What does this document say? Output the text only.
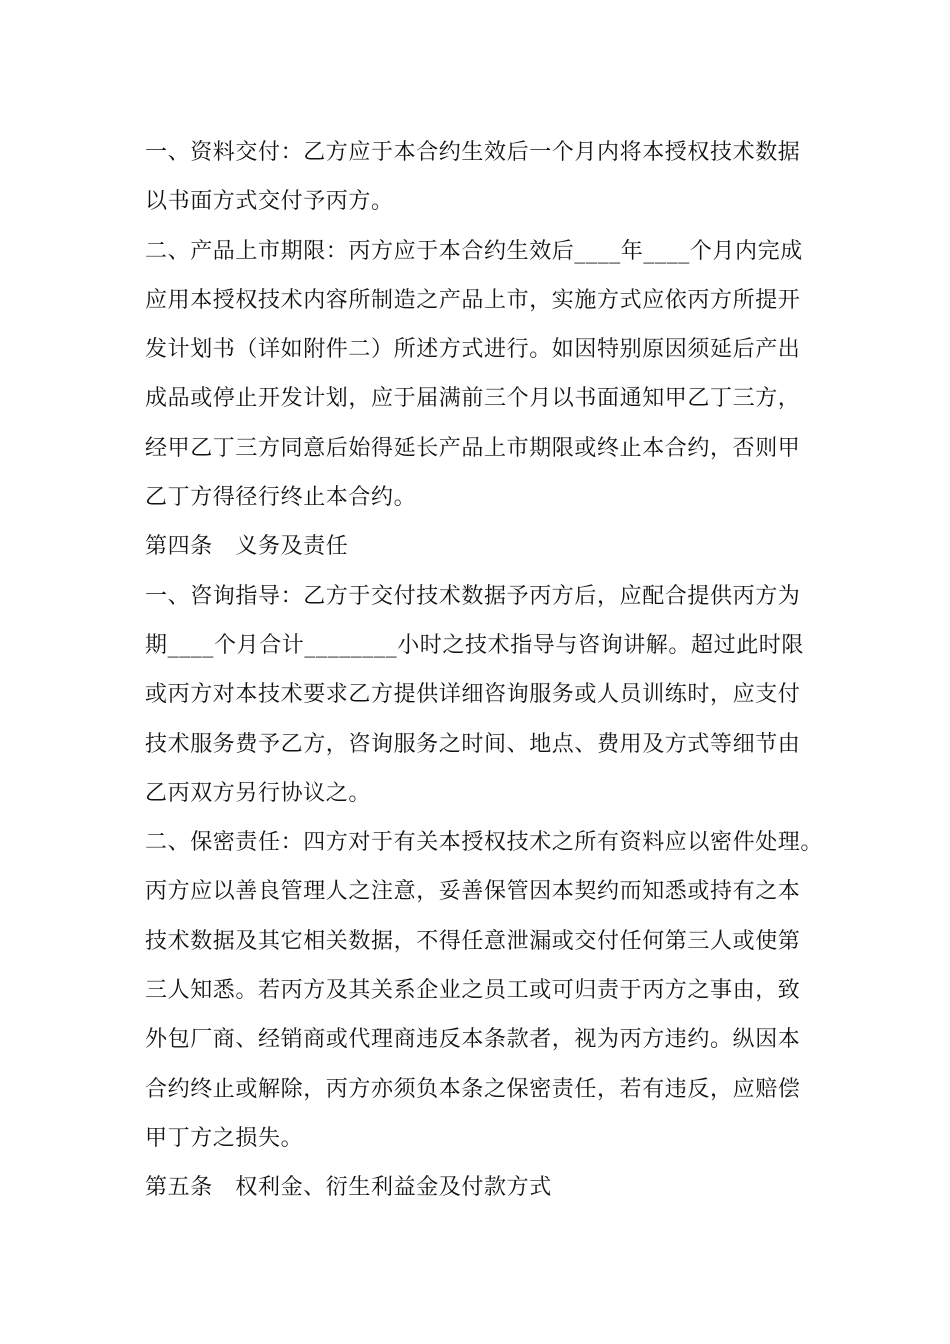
一、资料交付：乙方应于本合约生效后一个月内将本授权技术数据
以书面方式交付予丙方。
二、产品上市期限：丙方应于本合约生效后____年____个月内完成
应用本授权技术内容所制造之产品上市，实施方式应依丙方所提开
发计划书（详如附件二）所述方式进行。如因特别原因须延后产出
成品或停止开发计划，应于届满前三个月以书面通知甲乙丁三方，
经甲乙丁三方同意后始得延长产品上市期限或终止本合约，否则甲
乙丁方得径行终止本合约。
第四条　义务及责任
一、咨询指导：乙方于交付技术数据予丙方后，应配合提供丙方为
期____个月合计________小时之技术指导与咨询讲解。超过此时限
或丙方对本技术要求乙方提供详细咨询服务或人员训练时，应支付
技术服务费予乙方，咨询服务之时间、地点、费用及方式等细节由
乙丙双方另行协议之。
二、保密责任：四方对于有关本授权技术之所有资料应以密件处理。
丙方应以善良管理人之注意，妥善保管因本契约而知悉或持有之本
技术数据及其它相关数据，不得任意泄漏或交付任何第三人或使第
三人知悉。若丙方及其关系企业之员工或可归责于丙方之事由，致
外包厂商、经销商或代理商违反本条款者，视为丙方违约。纵因本
合约终止或解除，丙方亦须负本条之保密责任，若有违反，应赔偿
甲丁方之损失。
第五条　权利金、衍生利益金及付款方式
